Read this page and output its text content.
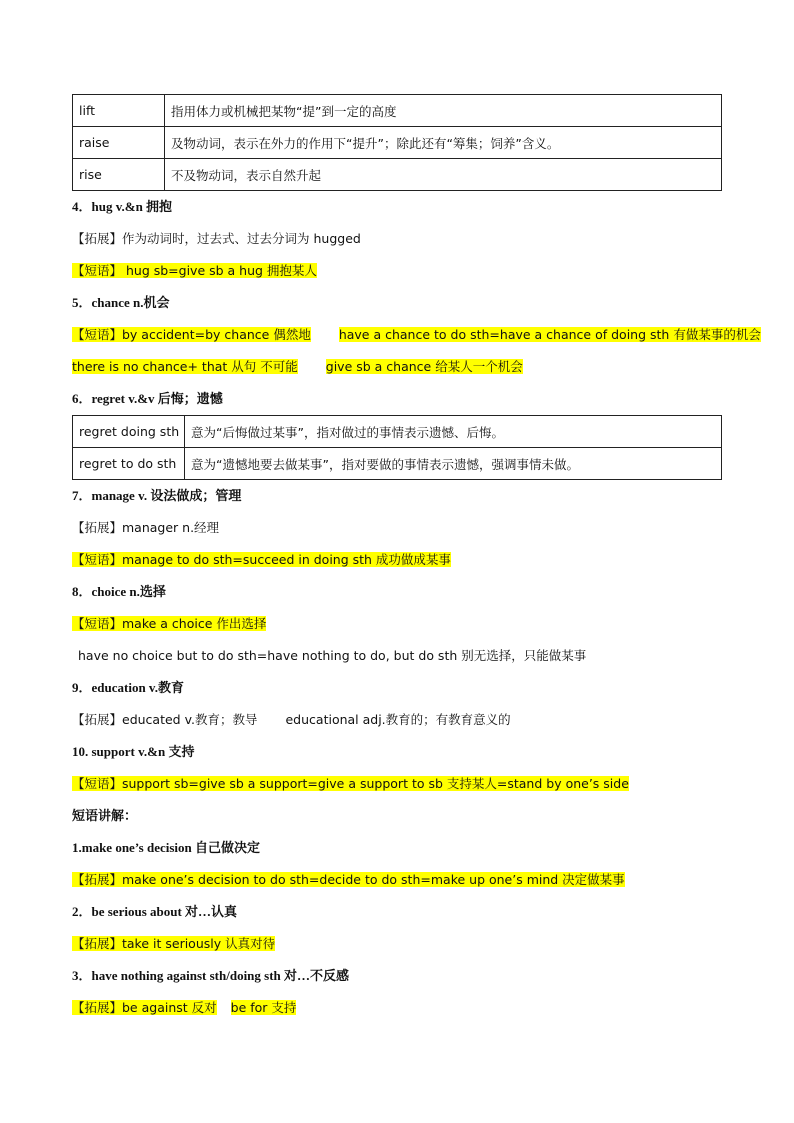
lift	指用体力或机械把某物“提”到一定的高度
raise	及物动词，表示在外力的作用下“提升”；除此还有“筹集；饲养”含义。
rise	不及物动词，表示自然升起
4．hug v.&n 拥抱
【拓展】作为动词时，过去式、过去分词为 hugged
【短语】 hug sb=give sb a hug 拥抱某人
5．chance n.机会
【短语】by accident=by chance 偶然地 have a chance to do sth=have a chance of doing sth 有做某事的机会
there is no chance+ that 从句 不可能 give sb a chance 给某人一个机会
6．regret v.&v 后悔；遗憾
regret doing sth	意为“后悔做过某事”，指对做过的事情表示遗憾、后悔。
regret to do sth	意为“遗憾地要去做某事”，指对要做的事情表示遗憾，强调事情未做。
7．manage v. 设法做成；管理
【拓展】manager n.经理
【短语】manage to do sth=succeed in doing sth 成功做成某事
8．choice n.选择
【短语】make a choice 作出选择
have no choice but to do sth=have nothing to do, but do sth 别无选择，只能做某事
9．education v.教育
【拓展】educated v.教育；教导 educational adj.教育的；有教育意义的
10. support v.&n 支持
【短语】support sb=give sb a support=give a support to sb 支持某人=stand by one’s side
短语讲解：
1.make one’s decision 自己做决定
【拓展】make one’s decision to do sth=decide to do sth=make up one’s mind 决定做某事
2．be serious about 对…认真
【拓展】take it seriously 认真对待
3．have nothing against sth/doing sth 对…不反感
【拓展】be against 反对 be for 支持
